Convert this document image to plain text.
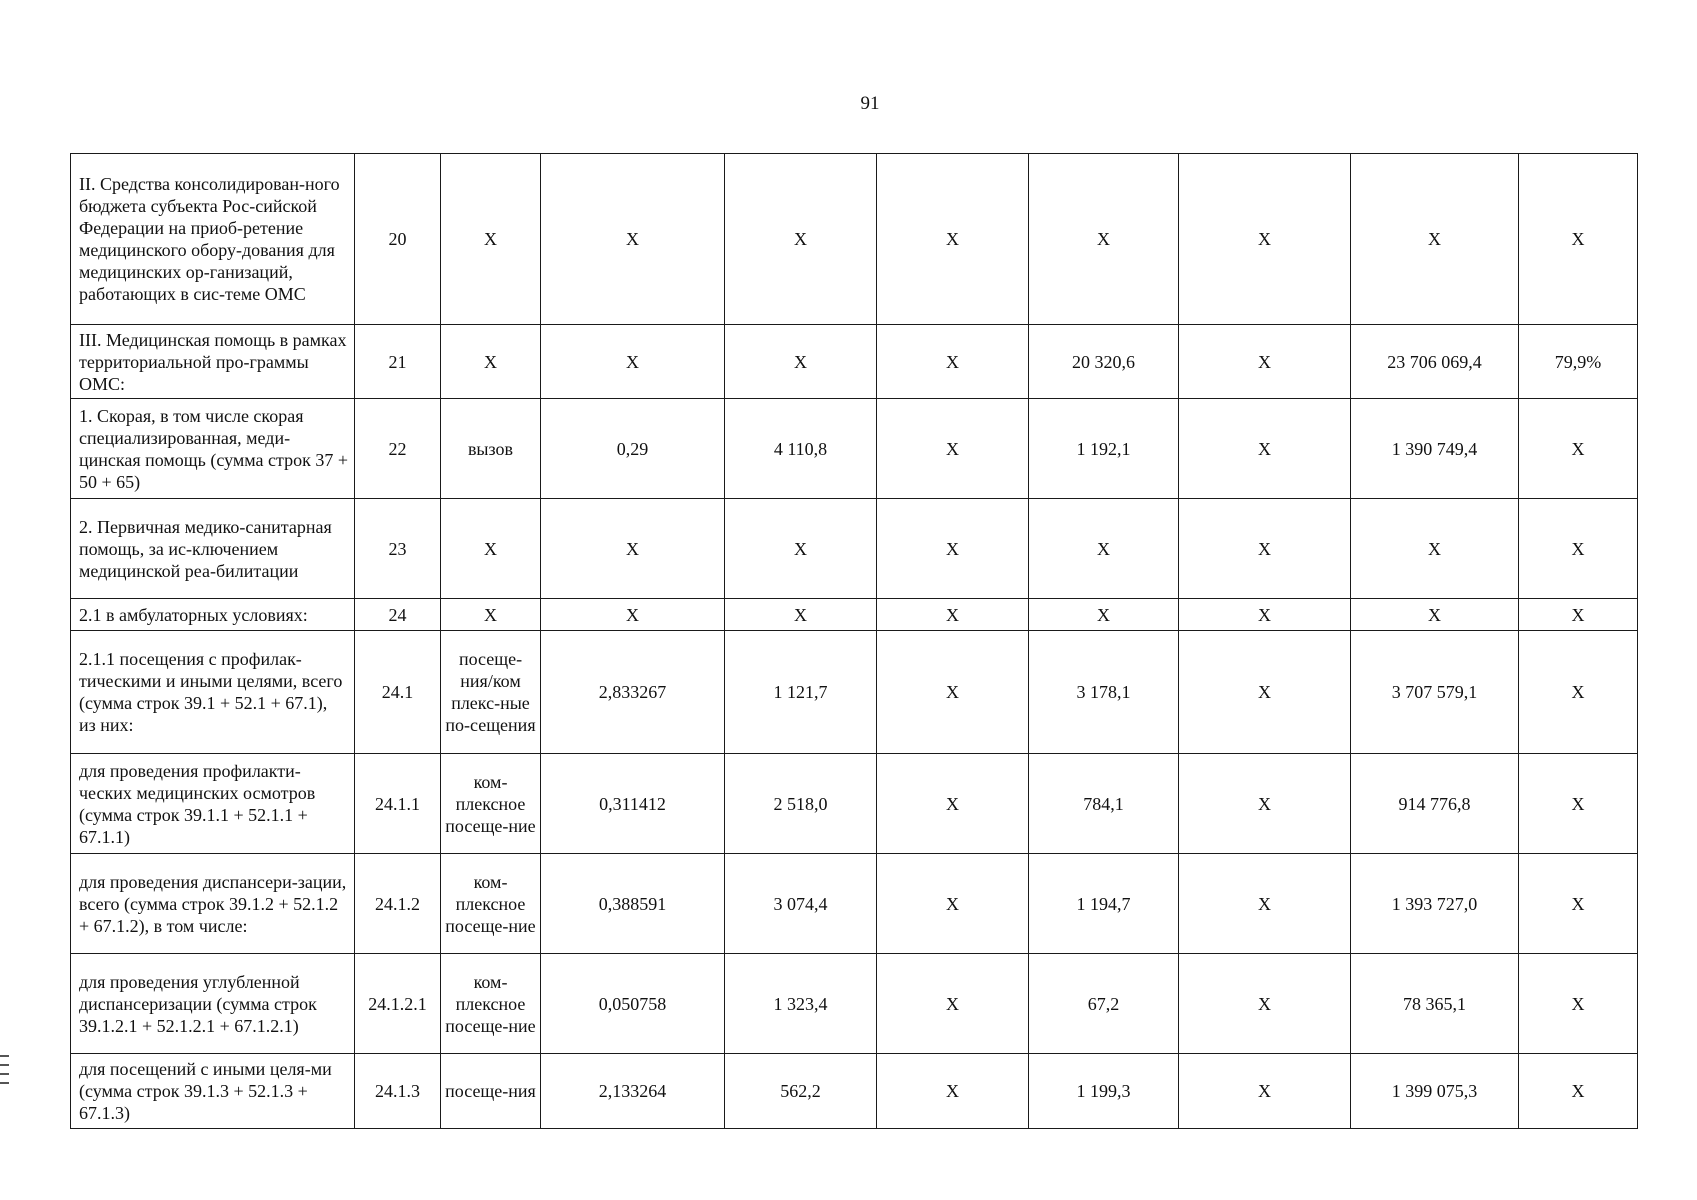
91
II. Средства консолидирован-ного бюджета субъекта Рос-сийской Федерации на приоб-ретение медицинского обору-дования для медицинских ор-ганизаций, работающих в сис-теме ОМС	20	Х	Х	Х	Х	Х	Х	Х	Х
III. Медицинская помощь в рамках территориальной про-граммы ОМС:	21	Х	Х	Х	Х	20 320,6	Х	23 706 069,4	79,9%
1. Скорая, в том числе скорая специализированная, меди-цинская помощь (сумма строк 37 + 50 + 65)	22	вызов	0,29	4 110,8	Х	1 192,1	Х	1 390 749,4	Х
2. Первичная медико-санитарная помощь, за ис-ключением медицинской реа-билитации	23	Х	Х	Х	Х	Х	Х	Х	Х
2.1 в амбулаторных условиях:	24	Х	Х	Х	Х	Х	Х	Х	Х
2.1.1 посещения с профилак-тическими и иными целями, всего (сумма строк 39.1 + 52.1 + 67.1), из них:	24.1	посеще-ния/ком плекс-ные по-сещения	2,833267	1 121,7	Х	3 178,1	Х	3 707 579,1	Х
для проведения профилакти-ческих медицинских осмотров (сумма строк 39.1.1 + 52.1.1 + 67.1.1)	24.1.1	ком-плексное посеще-ние	0,311412	2 518,0	Х	784,1	Х	914 776,8	Х
для проведения диспансери-зации, всего (сумма строк 39.1.2 + 52.1.2 + 67.1.2), в том числе:	24.1.2	ком-плексное посеще-ние	0,388591	3 074,4	Х	1 194,7	Х	1 393 727,0	Х
для проведения углубленной диспансеризации (сумма строк 39.1.2.1 + 52.1.2.1 + 67.1.2.1)	24.1.2.1	ком-плексное посеще-ние	0,050758	1 323,4	Х	67,2	Х	78 365,1	Х
для посещений с иными целя-ми (сумма строк 39.1.3 + 52.1.3 + 67.1.3)	24.1.3	посеще-ния	2,133264	562,2	Х	1 199,3	Х	1 399 075,3	Х
